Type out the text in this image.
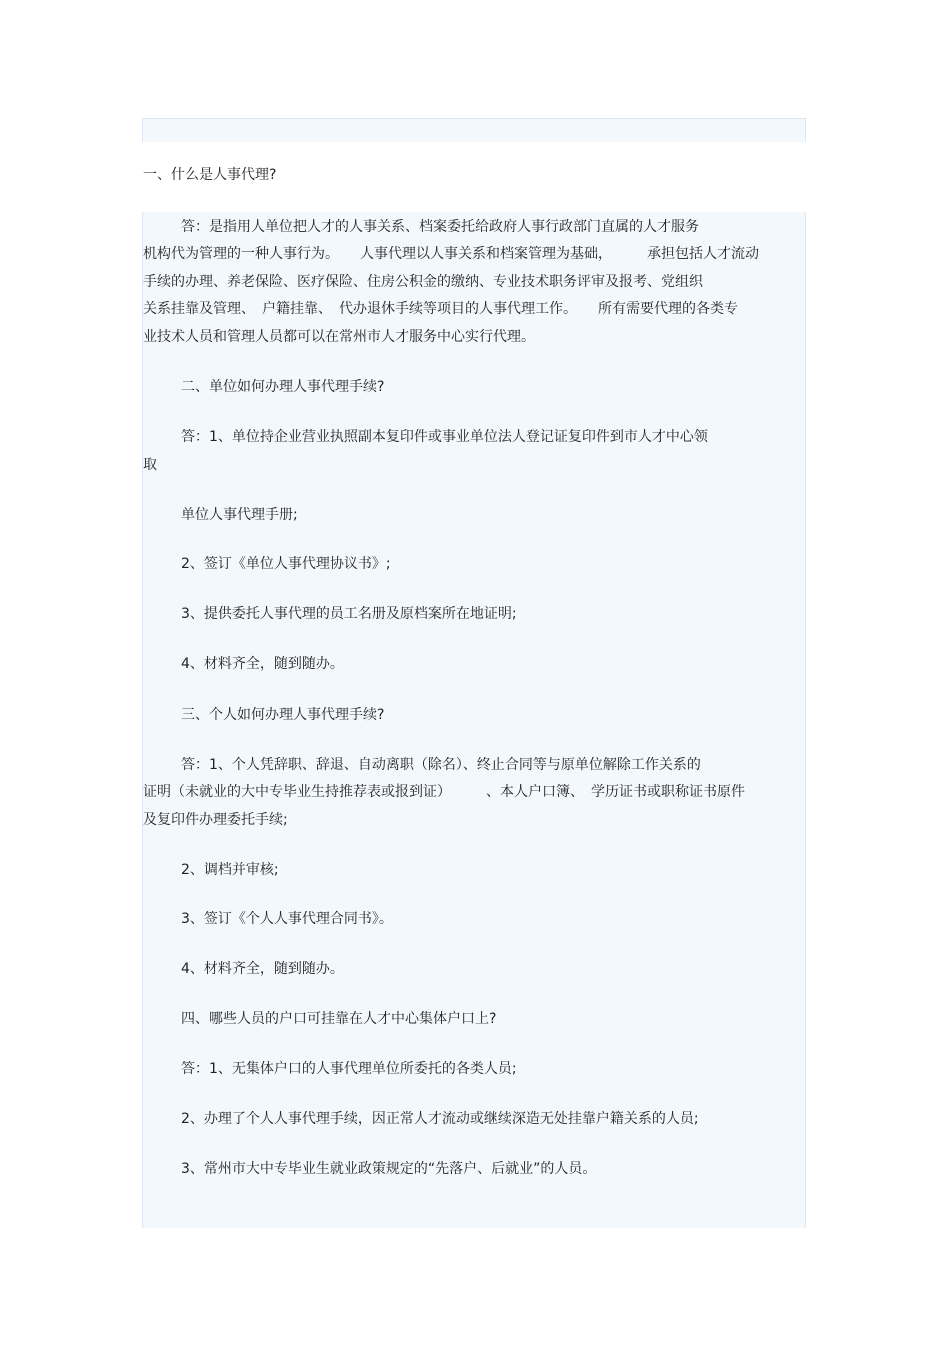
一、什么是人事代理?

答：是指用人单位把人才的人事关系、档案委托给政府人事行政部门直属的人才服务

机构代为管理的一种人事行为。　　人事代理以人事关系和档案管理为基础，　　　承担包括人才流动

手续的办理、养老保险、医疗保险、住房公积金的缴纳、专业技术职务评审及报考、党组织

关系挂靠及管理、　户籍挂靠、　代办退休手续等项目的人事代理工作。　　所有需要代理的各类专

业技术人员和管理人员都可以在常州市人才服务中心实行代理。

二、单位如何办理人事代理手续?

答：1、单位持企业营业执照副本复印件或事业单位法人登记证复印件到市人才中心领

取

单位人事代理手册;

2、签订《单位人事代理协议书》;

3、提供委托人事代理的员工名册及原档案所在地证明;

4、材料齐全，随到随办。

三、个人如何办理人事代理手续?

答：1、个人凭辞职、辞退、自动离职（除名）、终止合同等与原单位解除工作关系的

证明（未就业的大中专毕业生持推荐表或报到证）　　　、本人户口簿、　学历证书或职称证书原件

及复印件办理委托手续;

2、调档并审核;

3、签订《个人人事代理合同书》。

4、材料齐全，随到随办。

四、哪些人员的户口可挂靠在人才中心集体户口上?

答：1、无集体户口的人事代理单位所委托的各类人员;

2、办理了个人人事代理手续，因正常人才流动或继续深造无处挂靠户籍关系的人员;

3、常州市大中专毕业生就业政策规定的“先落户、后就业”的人员。
